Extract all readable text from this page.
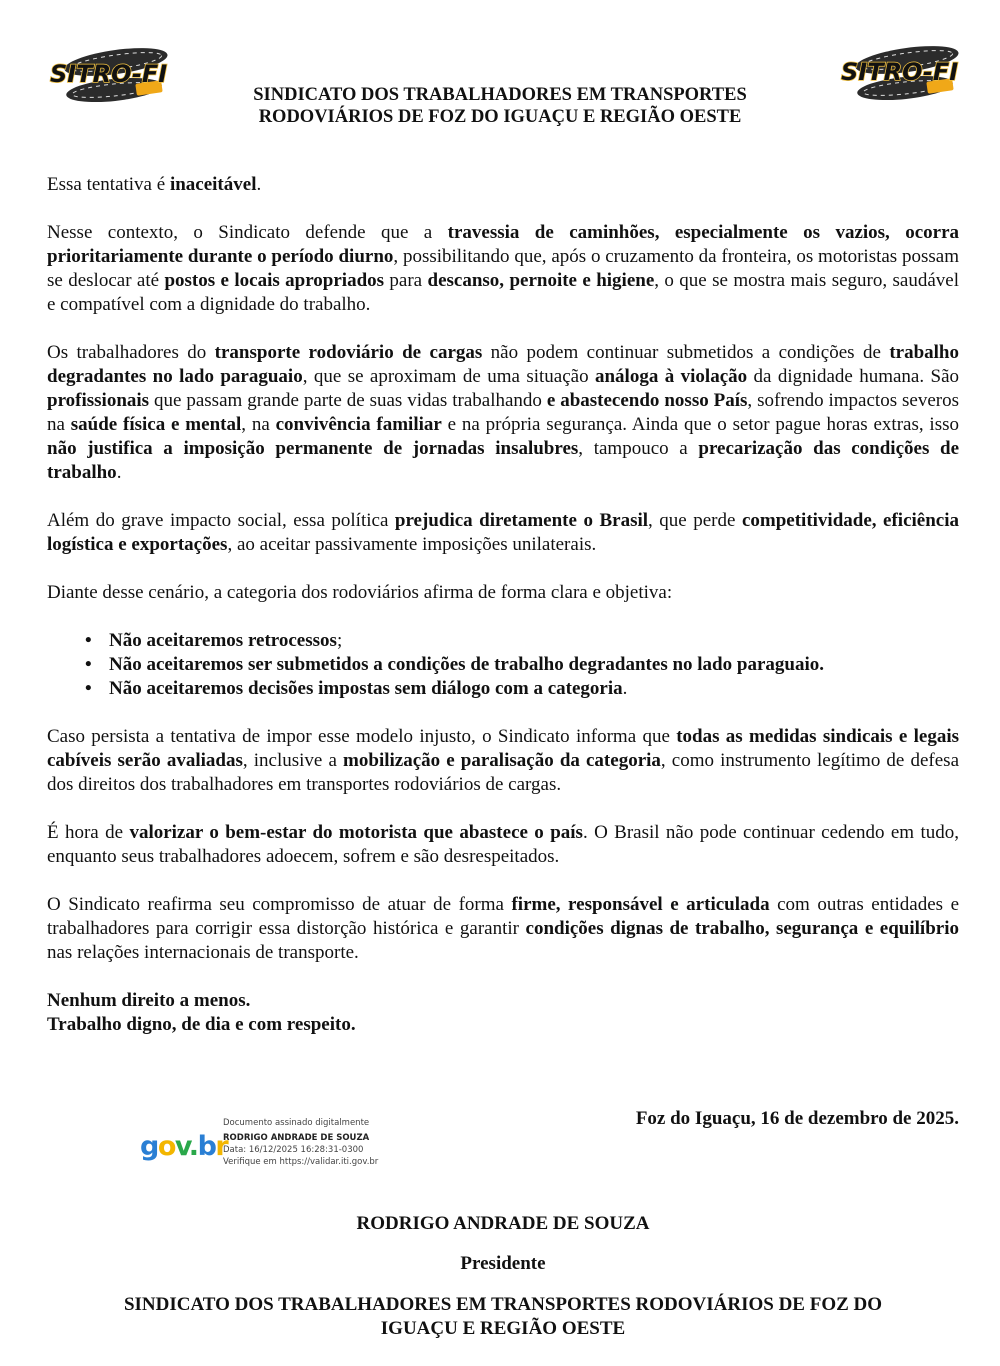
SITRO-FI	SITRO-FI
SINDICATO DOS TRABALHADORES EM TRANSPORTES
RODOVIÁRIOS DE FOZ DO IGUAÇU E REGIÃO OESTE

Essa tentativa é inaceitável.

Nesse contexto, o Sindicato defende que a travessia de caminhões, especialmente os vazios, ocorra prioritariamente durante o período diurno, possibilitando que, após o cruzamento da fronteira, os motoristas possam se deslocar até postos e locais apropriados para descanso, pernoite e higiene, o que se mostra mais seguro, saudável e compatível com a dignidade do trabalho.

Os trabalhadores do transporte rodoviário de cargas não podem continuar submetidos a condições de trabalho degradantes no lado paraguaio, que se aproximam de uma situação análoga à violação da dignidade humana. São profissionais que passam grande parte de suas vidas trabalhando e abastecendo nosso País, sofrendo impactos severos na saúde física e mental, na convivência familiar e na própria segurança. Ainda que o setor pague horas extras, isso não justifica a imposição permanente de jornadas insalubres, tampouco a precarização das condições de trabalho.

Além do grave impacto social, essa política prejudica diretamente o Brasil, que perde competitividade, eficiência logística e exportações, ao aceitar passivamente imposições unilaterais.

Diante desse cenário, a categoria dos rodoviários afirma de forma clara e objetiva:

• Não aceitaremos retrocessos;
• Não aceitaremos ser submetidos a condições de trabalho degradantes no lado paraguaio.
• Não aceitaremos decisões impostas sem diálogo com a categoria.

Caso persista a tentativa de impor esse modelo injusto, o Sindicato informa que todas as medidas sindicais e legais cabíveis serão avaliadas, inclusive a mobilização e paralisação da categoria, como instrumento legítimo de defesa dos direitos dos trabalhadores em transportes rodoviários de cargas.

É hora de valorizar o bem-estar do motorista que abastece o país. O Brasil não pode continuar cedendo em tudo, enquanto seus trabalhadores adoecem, sofrem e são desrespeitados.

O Sindicato reafirma seu compromisso de atuar de forma firme, responsável e articulada com outras entidades e trabalhadores para corrigir essa distorção histórica e garantir condições dignas de trabalho, segurança e equilíbrio nas relações internacionais de transporte.

Nenhum direito a menos.

Trabalho digno, de dia e com respeito.

gov.br
Documento assinado digitalmente
RODRIGO ANDRADE DE SOUZA
Data: 16/12/2025 16:28:31-0300
Verifique em https://validar.iti.gov.br
Foz do Iguaçu, 16 de dezembro de 2025.
RODRIGO ANDRADE DE SOUZA
Presidente
SINDICATO DOS TRABALHADORES EM TRANSPORTES RODOVIÁRIOS DE FOZ DO
IGUAÇU E REGIÃO OESTE
